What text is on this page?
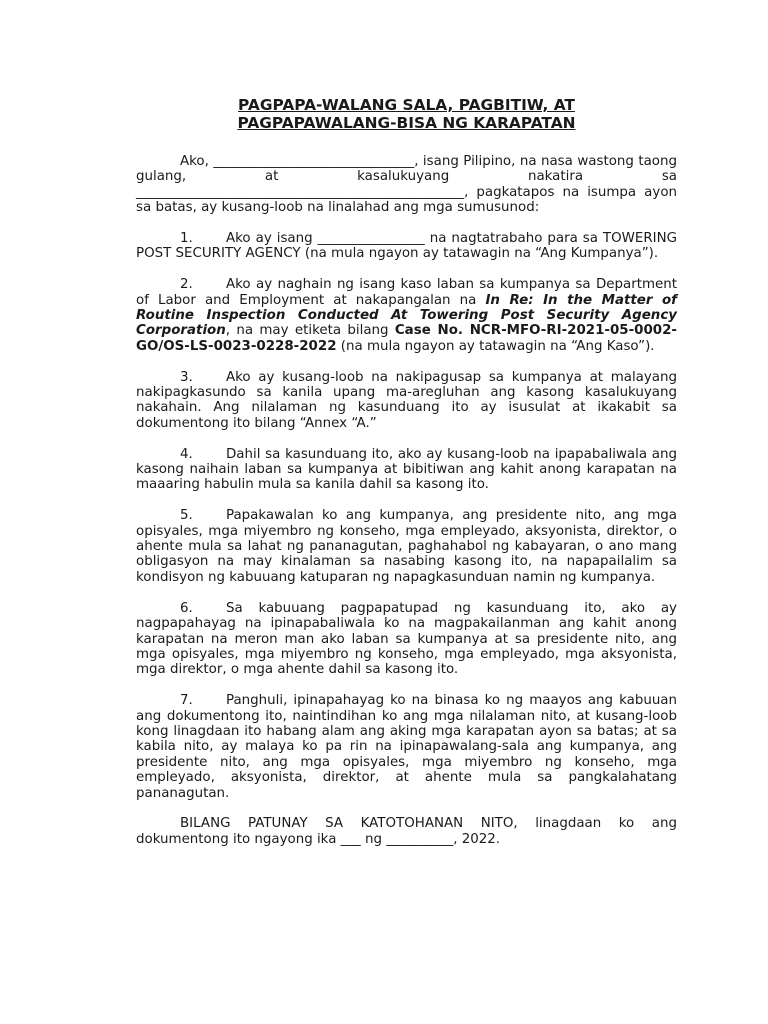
PAGPAPA-WALANG SALA, PAGBITIW, AT
PAGPAPAWALANG-BISA NG KARAPATAN

Ako, ______________________________, isang Pilipino, na nasa wastong taong gulang, at kasalukuyang nakatira sa _________________________________________________, pagkatapos na isumpa ayon sa batas, ay kusang-loob na linalahad ang mga sumusunod:

1. Ako ay isang ________________ na nagtatrabaho para sa TOWERING POST SECURITY AGENCY (na mula ngayon ay tatawagin na “Ang Kumpanya”).

2. Ako ay naghain ng isang kaso laban sa kumpanya sa Department of Labor and Employment at nakapangalan na In Re: In the Matter of Routine Inspection Conducted At Towering Post Security Agency Corporation, na may etiketa bilang Case No. NCR-MFO-RI-2021-05-0002-GO/OS-LS-0023-0228-2022 (na mula ngayon ay tatawagin na “Ang Kaso”).

3. Ako ay kusang-loob na nakipagusap sa kumpanya at malayang nakipagkasundo sa kanila upang ma-aregluhan ang kasong kasalukuyang nakahain. Ang nilalaman ng kasunduang ito ay isusulat at ikakabit sa dokumentong ito bilang “Annex “A.”

4. Dahil sa kasunduang ito, ako ay kusang-loob na ipapabaliwala ang kasong naihain laban sa kumpanya at bibitiwan ang kahit anong karapatan na maaaring habulin mula sa kanila dahil sa kasong ito.

5. Papakawalan ko ang kumpanya, ang presidente nito, ang mga opisyales, mga miyembro ng konseho, mga empleyado, aksyonista, direktor, o ahente mula sa lahat ng pananagutan, paghahabol ng kabayaran, o ano mang obligasyon na may kinalaman sa nasabing kasong ito, na napapailalim sa kondisyon ng kabuuang katuparan ng napagkasunduan namin ng kumpanya.

6. Sa kabuuang pagpapatupad ng kasunduang ito, ako ay nagpapahayag na ipinapabaliwala ko na magpakailanman ang kahit anong karapatan na meron man ako laban sa kumpanya at sa presidente nito, ang mga opisyales, mga miyembro ng konseho, mga empleyado, mga aksyonista, mga direktor, o mga ahente dahil sa kasong ito.

7. Panghuli, ipinapahayag ko na binasa ko ng maayos ang kabuuan ang dokumentong ito, naintindihan ko ang mga nilalaman nito, at kusang-loob kong linagdaan ito habang alam ang aking mga karapatan ayon sa batas; at sa kabila nito, ay malaya ko pa rin na ipinapawalang-sala ang kumpanya, ang presidente nito, ang mga opisyales, mga miyembro ng konseho, mga empleyado, aksyonista, direktor, at ahente mula sa pangkalahatang pananagutan.

BILANG PATUNAY SA KATOTOHANAN NITO, linagdaan ko ang dokumentong ito ngayong ika ___ ng __________, 2022.
